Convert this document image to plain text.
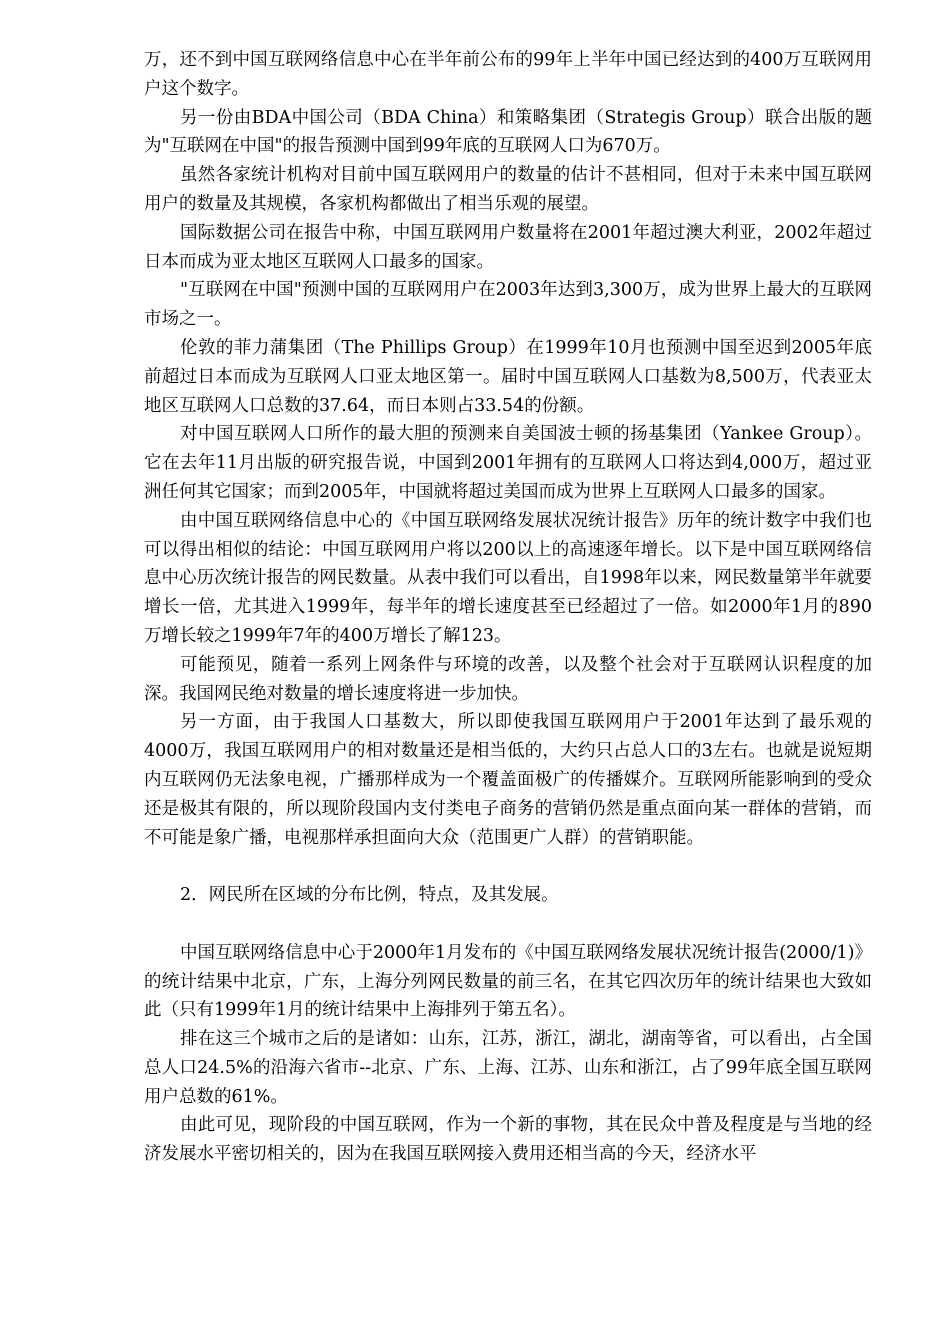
万，还不到中国互联网络信息中心在半年前公布的99年上半年中国已经达到的400万互联网用户这个数字。

另一份由BDA中国公司（BDA China）和策略集团（Strategis Group）联合出版的题为"互联网在中国"的报告预测中国到99年底的互联网人口为670万。

虽然各家统计机构对目前中国互联网用户的数量的估计不甚相同，但对于未来中国互联网用户的数量及其规模，各家机构都做出了相当乐观的展望。

国际数据公司在报告中称，中国互联网用户数量将在2001年超过澳大利亚，2002年超过日本而成为亚太地区互联网人口最多的国家。

"互联网在中国"预测中国的互联网用户在2003年达到3,300万，成为世界上最大的互联网市场之一。

伦敦的菲力蒲集团（The Phillips Group）在1999年10月也预测中国至迟到2005年底前超过日本而成为互联网人口亚太地区第一。届时中国互联网人口基数为8,500万，代表亚太地区互联网人口总数的37.64，而日本则占33.54的份额。

对中国互联网人口所作的最大胆的预测来自美国波士顿的扬基集团（Yankee Group）。它在去年11月出版的研究报告说，中国到2001年拥有的互联网人口将达到4,000万，超过亚洲任何其它国家；而到2005年，中国就将超过美国而成为世界上互联网人口最多的国家。

由中国互联网络信息中心的《中国互联网络发展状况统计报告》历年的统计数字中我们也可以得出相似的结论：中国互联网用户将以200以上的高速逐年增长。以下是中国互联网络信息中心历次统计报告的网民数量。从表中我们可以看出，自1998年以来，网民数量第半年就要增长一倍，尤其进入1999年，每半年的增长速度甚至已经超过了一倍。如2000年1月的890万增长较之1999年7年的400万增长了解123。

可能预见，随着一系列上网条件与环境的改善，以及整个社会对于互联网认识程度的加深。我国网民绝对数量的增长速度将进一步加快。

另一方面，由于我国人口基数大，所以即使我国互联网用户于2001年达到了最乐观的4000万，我国互联网用户的相对数量还是相当低的，大约只占总人口的3左右。也就是说短期内互联网仍无法象电视，广播那样成为一个覆盖面极广的传播媒介。互联网所能影响到的受众还是极其有限的，所以现阶段国内支付类电子商务的营销仍然是重点面向某一群体的营销，而不可能是象广播，电视那样承担面向大众（范围更广人群）的营销职能。

2．网民所在区域的分布比例，特点，及其发展。

中国互联网络信息中心于2000年1月发布的《中国互联网络发展状况统计报告(2000/1)》的统计结果中北京，广东，上海分列网民数量的前三名，在其它四次历年的统计结果也大致如此（只有1999年1月的统计结果中上海排列于第五名）。

排在这三个城市之后的是诸如：山东，江苏，浙江，湖北，湖南等省，可以看出，占全国总人口24.5%的沿海六省市--北京、广东、上海、江苏、山东和浙江，占了99年底全国互联网用户总数的61%。

由此可见，现阶段的中国互联网，作为一个新的事物，其在民众中普及程度是与当地的经济发展水平密切相关的，因为在我国互联网接入费用还相当高的今天，经济水平
